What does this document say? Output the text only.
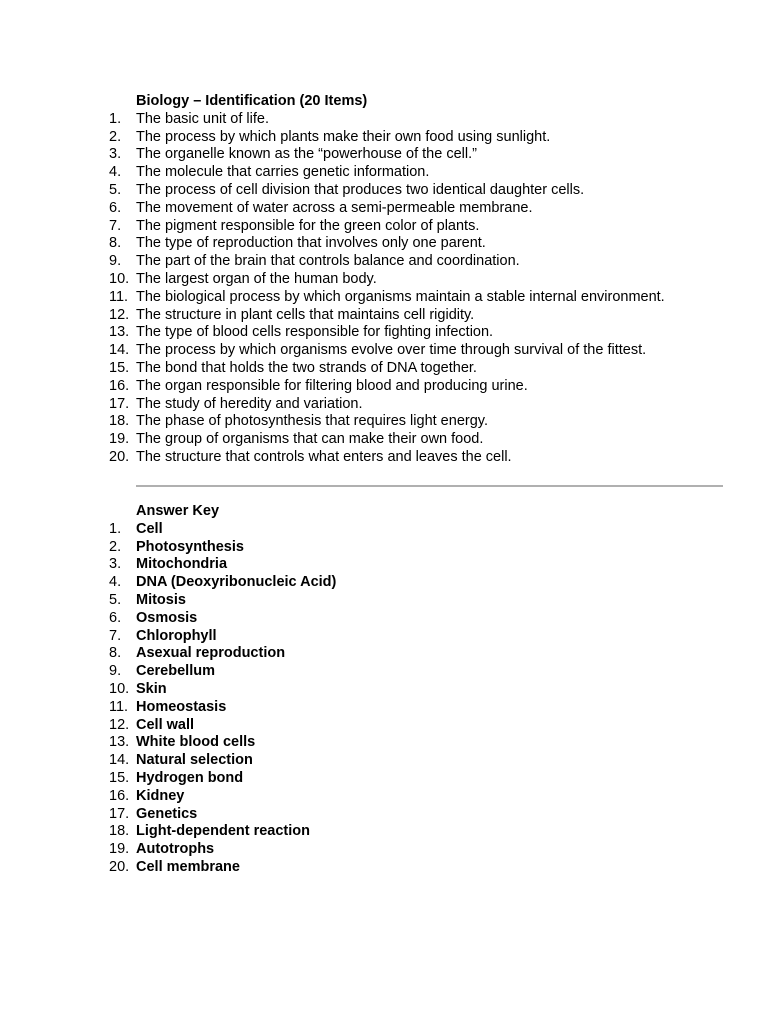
Biology – Identification (20 Items)
1.	The basic unit of life.
2.	The process by which plants make their own food using sunlight.
3.	The organelle known as the “powerhouse of the cell.”
4.	The molecule that carries genetic information.
5.	The process of cell division that produces two identical daughter cells.
6.	The movement of water across a semi-permeable membrane.
7.	The pigment responsible for the green color of plants.
8.	The type of reproduction that involves only one parent.
9.	The part of the brain that controls balance and coordination.
10. The largest organ of the human body.
11. The biological process by which organisms maintain a stable internal environment.
12. The structure in plant cells that maintains cell rigidity.
13. The type of blood cells responsible for fighting infection.
14. The process by which organisms evolve over time through survival of the fittest.
15. The bond that holds the two strands of DNA together.
16. The organ responsible for filtering blood and producing urine.
17. The study of heredity and variation.
18. The phase of photosynthesis that requires light energy.
19. The group of organisms that can make their own food.
20. The structure that controls what enters and leaves the cell.
Answer Key
1.	Cell
2.	Photosynthesis
3.	Mitochondria
4.	DNA (Deoxyribonucleic Acid)
5.	Mitosis
6.	Osmosis
7.	Chlorophyll
8.	Asexual reproduction
9.	Cerebellum
10. Skin
11. Homeostasis
12. Cell wall
13. White blood cells
14. Natural selection
15. Hydrogen bond
16. Kidney
17. Genetics
18. Light-dependent reaction
19. Autotrophs
20. Cell membrane
